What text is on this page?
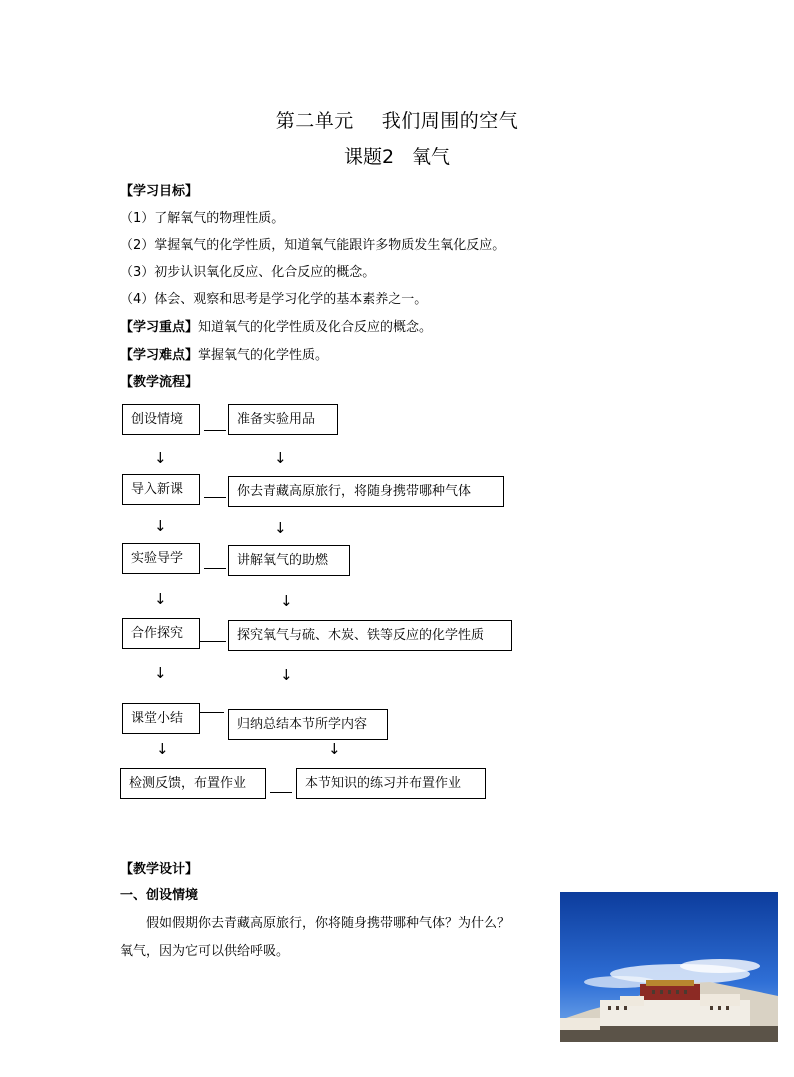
第二单元 我们周围的空气
课题2 氧气
【学习目标】
（1）了解氧气的物理性质。
（2）掌握氧气的化学性质，知道氧气能跟许多物质发生氧化反应。
（3）初步认识氧化反应、化合反应的概念。
（4）体会、观察和思考是学习化学的基本素养之一。
【学习重点】知道氧气的化学性质及化合反应的概念。
【学习难点】掌握氧气的化学性质。
【教学流程】
创设情境	准备实验用品
↓	↓
导入新课	你去青藏高原旅行，将随身携带哪种气体
↓	↓
实验导学	讲解氧气的助燃
↓	↓
合作探究	探究氧气与硫、木炭、铁等反应的化学性质
↓	↓
课堂小结	归纳总结本节所学内容
↓	↓
检测反馈，布置作业	本节知识的练习并布置作业
【教学设计】
一、创设情境
假如假期你去青藏高原旅行，你将随身携带哪种气体？为什么？
氧气，因为它可以供给呼吸。
